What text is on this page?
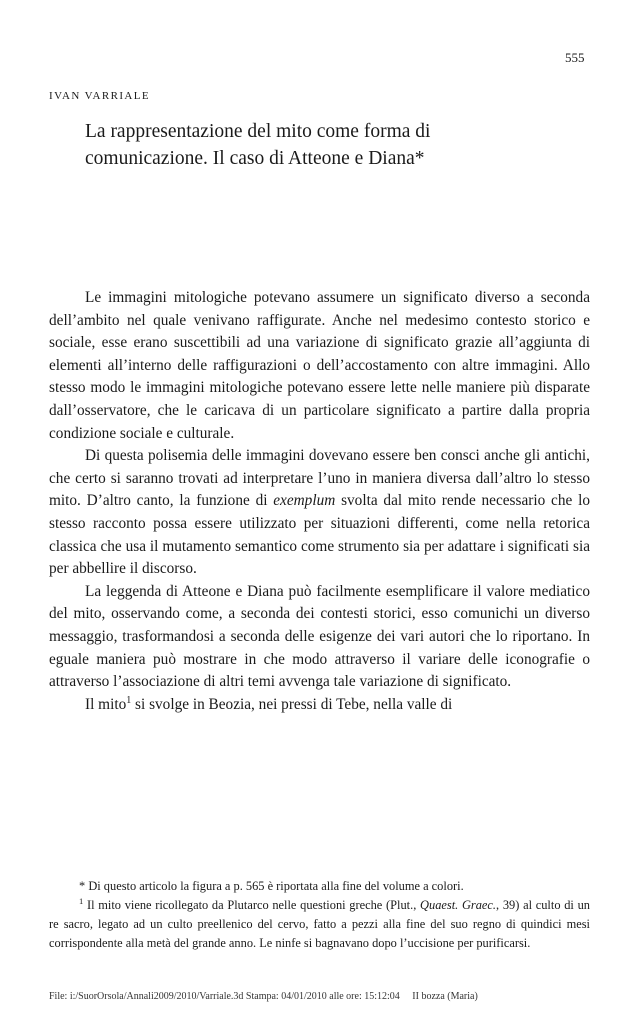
555
IVAN VARRIALE
La rappresentazione del mito come forma di
comunicazione. Il caso di Atteone e Diana*

Le immagini mitologiche potevano assumere un significato diverso a seconda dell’ambito nel quale venivano raffigurate. Anche nel medesimo contesto storico e sociale, esse erano suscettibili ad una variazione di significato grazie all’aggiunta di elementi all’interno delle raffigurazioni o dell’accostamento con altre immagini. Allo stesso modo le immagini mitologiche potevano essere lette nelle maniere più disparate dall’osservatore, che le caricava di un particolare significato a partire dalla propria condizione sociale e culturale.

Di questa polisemia delle immagini dovevano essere ben consci anche gli antichi, che certo si saranno trovati ad interpretare l’uno in maniera diversa dall’altro lo stesso mito. D’altro canto, la funzione di exemplum svolta dal mito rende necessario che lo stesso racconto possa essere utilizzato per situazioni differenti, come nella retorica classica che usa il mutamento semantico come strumento sia per adattare i significati sia per abbellire il discorso.

La leggenda di Atteone e Diana può facilmente esemplificare il valore mediatico del mito, osservando come, a seconda dei contesti storici, esso comunichi un diverso messaggio, trasformandosi a seconda delle esigenze dei vari autori che lo riportano. In eguale maniera può mostrare in che modo attraverso il variare delle iconografie o attraverso l’associazione di altri temi avvenga tale variazione di significato.

Il mito$^1$ si svolge in Beozia, nei pressi di Tebe, nella valle di

* Di questo articolo la figura a p. 565 è riportata alla fine del volume a colori.

$^1$ Il mito viene ricollegato da Plutarco nelle questioni greche (Plut., Quaest. Graec., 39) al culto di un re sacro, legato ad un culto preellenico del cervo, fatto a pezzi alla fine del suo regno di quindici mesi corrispondente alla metà del grande anno. Le ninfe si bagnavano dopo l’uccisione per purificarsi.

File: i:/SuorOrsola/Annali2009/2010/Varriale.3d Stampa: 04/01/2010 alle ore: 15:12:04     II bozza (Maria)
